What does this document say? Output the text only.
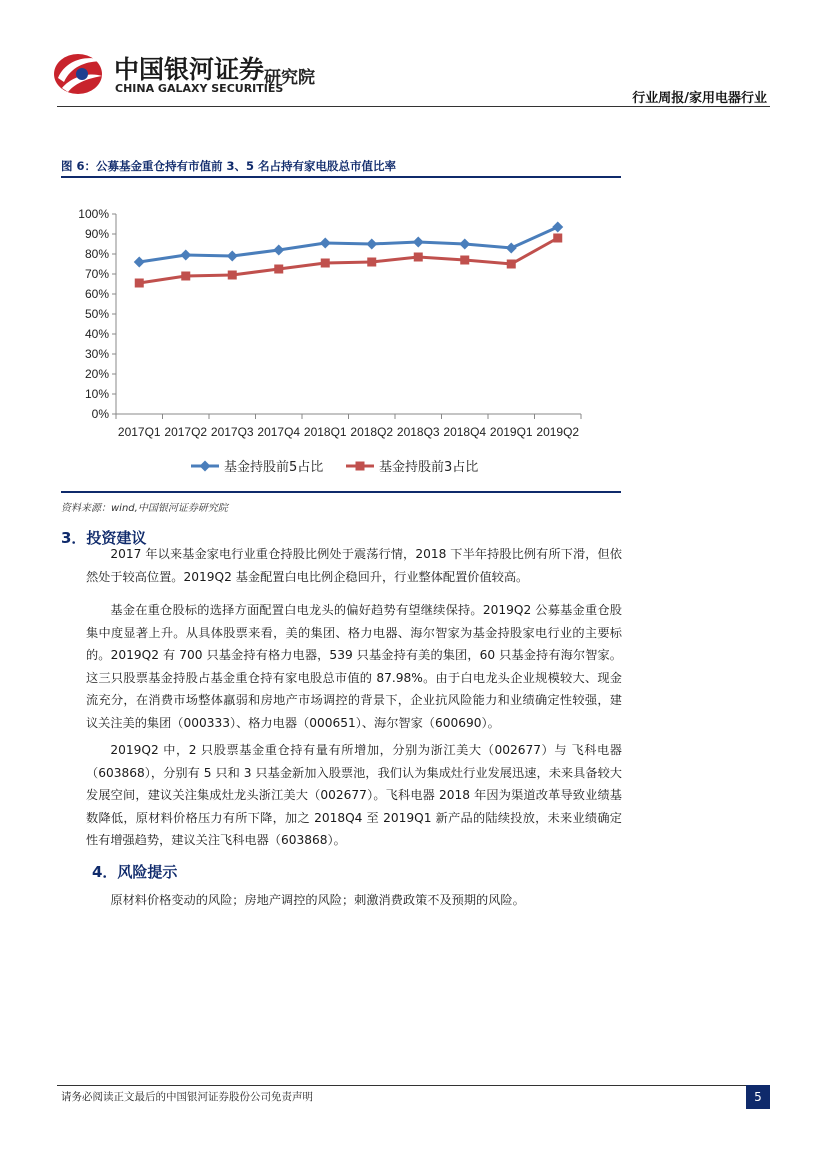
中国银河证券
CHINA GALAXY SECURITIES
研究院
行业周报/家用电器行业
图 6：公募基金重仓持有市值前 3、5 名占持有家电股总市值比率
0%
10%
20%
30%
40%
50%
60%
70%
80%
90%
100%
2017Q1 2017Q2 2017Q3 2017Q4 2018Q1 2018Q2 2018Q3 2018Q4 2019Q1 2019Q2
基金持股前5占比	基金持股前3占比
资料来源：wind,中国银河证券研究院
3．投资建议

2017 年以来基金家电行业重仓持股比例处于震荡行情，2018 下半年持股比例有所下滑，但依然处于较高位置。2019Q2 基金配置白电比例企稳回升，行业整体配置价值较高。

基金在重仓股标的选择方面配置白电龙头的偏好趋势有望继续保持。2019Q2 公募基金重仓股集中度显著上升。从具体股票来看，美的集团、格力电器、海尔智家为基金持股家电行业的主要标的。2019Q2 有 700 只基金持有格力电器，539 只基金持有美的集团，60 只基金持有海尔智家。这三只股票基金持股占基金重仓持有家电股总市值的 87.98%。由于白电龙头企业规模较大、现金流充分，在消费市场整体羸弱和房地产市场调控的背景下，企业抗风险能力和业绩确定性较强，建议关注美的集团（000333）、格力电器（000651）、海尔智家（600690）。

2019Q2 中，2 只股票基金重仓持有量有所增加，分别为浙江美大（002677）与 飞科电器（603868），分别有 5 只和 3 只基金新加入股票池，我们认为集成灶行业发展迅速，未来具备较大发展空间，建议关注集成灶龙头浙江美大（002677）。飞科电器 2018 年因为渠道改革导致业绩基数降低，原材料价格压力有所下降，加之 2018Q4 至 2019Q1 新产品的陆续投放，未来业绩确定性有增强趋势，建议关注飞科电器（603868）。

4．风险提示

原材料价格变动的风险；房地产调控的风险；刺激消费政策不及预期的风险。

请务必阅读正文最后的中国银河证券股份公司免责声明	5
